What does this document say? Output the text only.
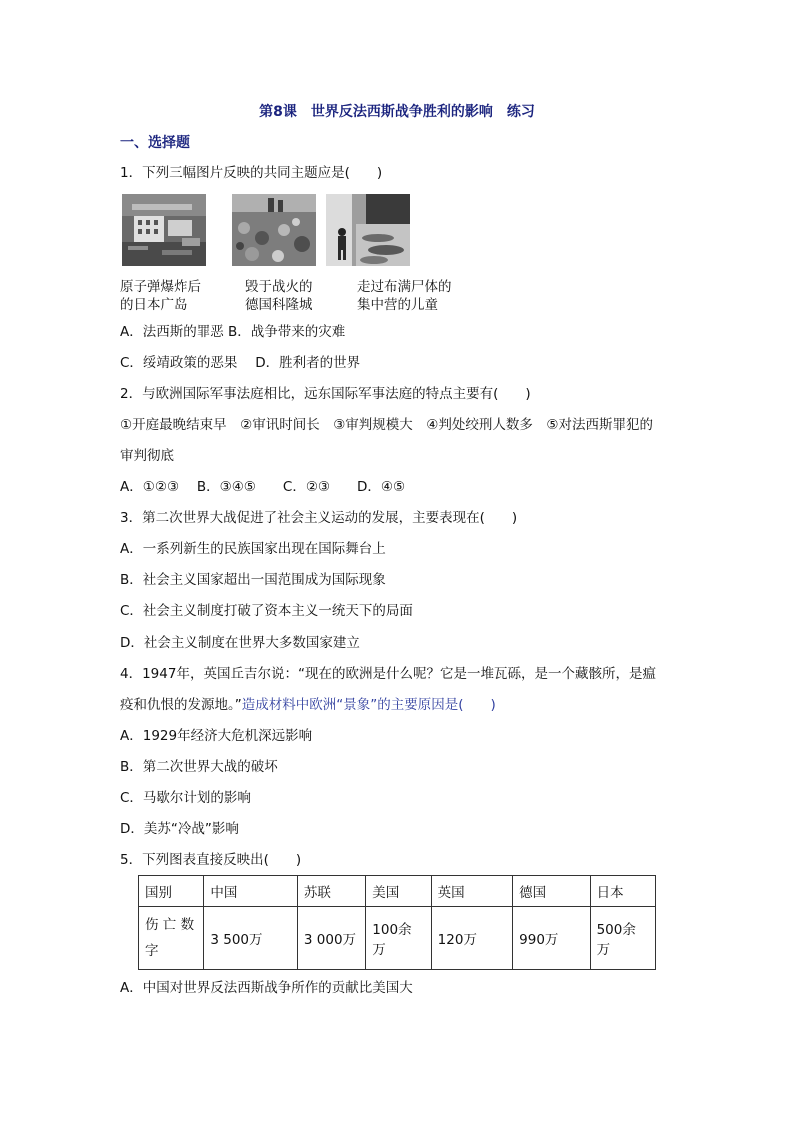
第8课　世界反法西斯战争胜利的影响　练习
一、选择题
1．下列三幅图片反映的共同主题应是(　　)
原子弹爆炸后
的日本广岛
毁于战火的
德国科隆城
走过布满尸体的
集中营的儿童
A．法西斯的罪恶 B．战争带来的灾难
C．绥靖政策的恶果　 D．胜利者的世界
2．与欧洲国际军事法庭相比，远东国际军事法庭的特点主要有(　　)
①开庭最晚结束早　②审讯时间长　③审判规模大　④判处绞刑人数多　⑤对法西斯罪犯的
审判彻底
A．①②③　 B．③④⑤　　C．②③　　D．④⑤
3．第二次世界大战促进了社会主义运动的发展，主要表现在(　　)
A．一系列新生的民族国家出现在国际舞台上
B．社会主义国家超出一国范围成为国际现象
C．社会主义制度打破了资本主义一统天下的局面
D．社会主义制度在世界大多数国家建立
4．1947年，英国丘吉尔说：“现在的欧洲是什么呢？它是一堆瓦砾，是一个藏骸所，是瘟
疫和仇恨的发源地。”造成材料中欧洲“景象”的主要原因是(　　)
A．1929年经济大危机深远影响
B．第二次世界大战的破坏
C．马歇尔计划的影响
D．美苏“冷战”影响
5．下列图表直接反映出(　　)
国别	中国	苏联	美国	英国	德国	日本

伤 亡 数
字	3 500万	3 000万	100余万	120万	990万	500余万
A．中国对世界反法西斯战争所作的贡献比美国大
